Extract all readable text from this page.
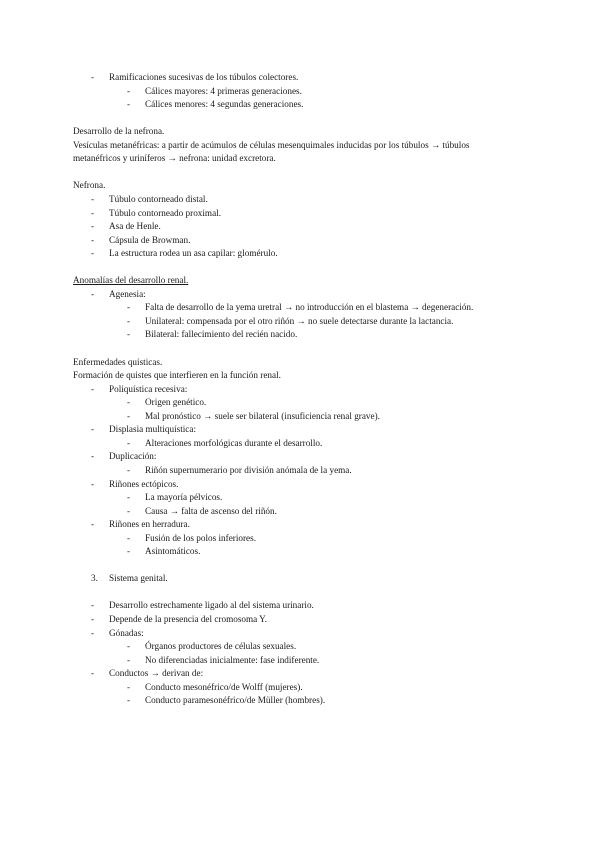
- Ramificaciones sucesivas de los túbulos colectores.
- Cálices mayores: 4 primeras generaciones.
- Cálices menores: 4 segundas generaciones.
Desarrollo de la nefrona.
Vesículas metanéfricas: a partir de acúmulos de células mesenquimales inducidas por los túbulos → túbulos
metanéfricos y uriníferos → nefrona: unidad excretora.
Nefrona.
- Túbulo contorneado distal.
- Túbulo contorneado proximal.
- Asa de Henle.
- Cápsula de Browman.
- La estructura rodea un asa capilar: glomérulo.
Anomalías del desarrollo renal.
- Agenesia:
- Falta de desarrollo de la yema uretral → no introducción en el blastema → degeneración.
- Unilateral: compensada por el otro riñón → no suele detectarse durante la lactancia.
- Bilateral: fallecimiento del recién nacido.
Enfermedades quísticas.
Formación de quistes que interfieren en la función renal.
- Poliquística recesiva:
- Origen genético.
- Mal pronóstico → suele ser bilateral (insuficiencia renal grave).
- Displasia multiquística:
- Alteraciones morfológicas durante el desarrollo.
- Duplicación:
- Riñón supernumerario por división anómala de la yema.
- Riñones ectópicos.
- La mayoría pélvicos.
- Causa → falta de ascenso del riñón.
- Riñones en herradura.
- Fusión de los polos inferiores.
- Asintomáticos.
3. Sistema genital.
- Desarrollo estrechamente ligado al del sistema urinario.
- Depende de la presencia del cromosoma Y.
- Gónadas:
- Órganos productores de células sexuales.
- No diferenciadas inicialmente: fase indiferente.
- Conductos → derivan de:
- Conducto mesonéfrico/de Wolff (mujeres).
- Conducto paramesonéfrico/de Müller (hombres).
